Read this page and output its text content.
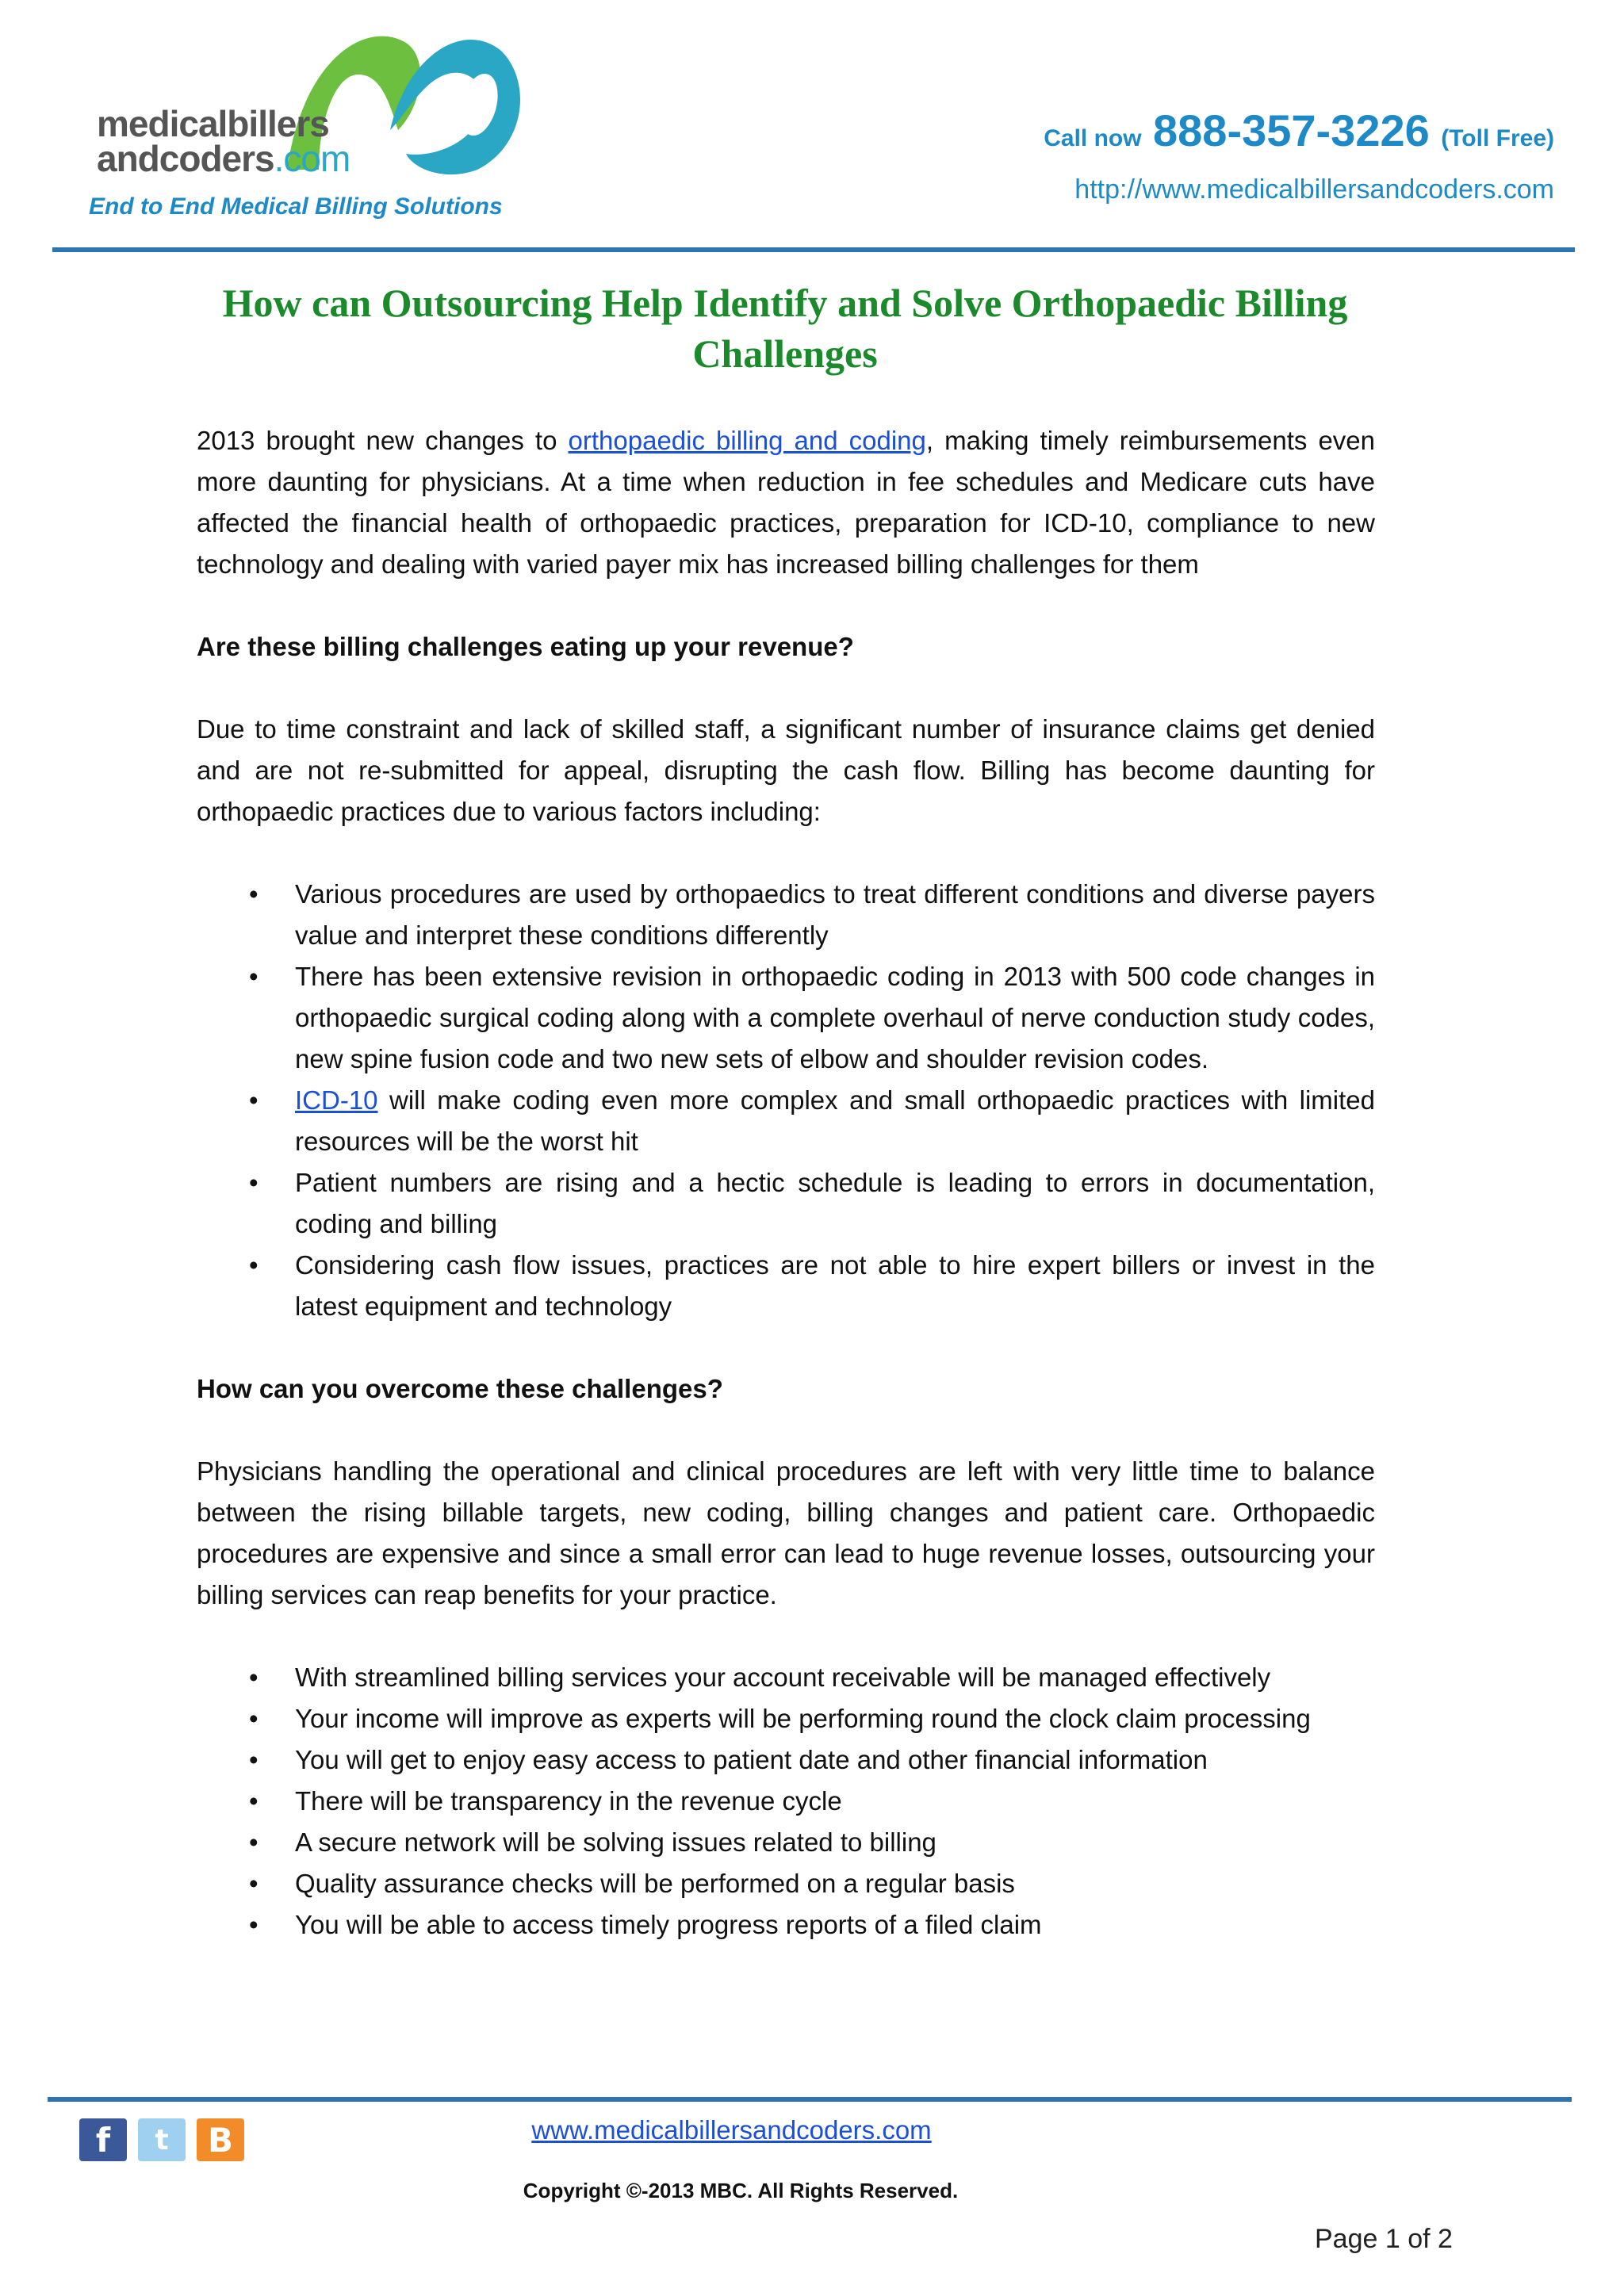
medicalbillers
andcoders.com
End to End Medical Billing Solutions
Call now 888-357-3226 (Toll Free)
http://www.medicalbillersandcoders.com
How can Outsourcing Help Identify and Solve Orthopaedic Billing Challenges

2013 brought new changes to orthopaedic billing and coding, making timely reimbursements even more daunting for physicians. At a time when reduction in fee schedules and Medicare cuts have affected the financial health of orthopaedic practices, preparation for ICD-10, compliance to new technology and dealing with varied payer mix has increased billing challenges for them

Are these billing challenges eating up your revenue?

Due to time constraint and lack of skilled staff, a significant number of insurance claims get denied and are not re-submitted for appeal, disrupting the cash flow. Billing has become daunting for orthopaedic practices due to various factors including:

• Various procedures are used by orthopaedics to treat different conditions and diverse payers value and interpret these conditions differently
• There has been extensive revision in orthopaedic coding in 2013 with 500 code changes in orthopaedic surgical coding along with a complete overhaul of nerve conduction study codes, new spine fusion code and two new sets of elbow and shoulder revision codes.
• ICD-10 will make coding even more complex and small orthopaedic practices with limited resources will be the worst hit
• Patient numbers are rising and a hectic schedule is leading to errors in documentation, coding and billing
• Considering cash flow issues, practices are not able to hire expert billers or invest in the latest equipment and technology
How can you overcome these challenges?

Physicians handling the operational and clinical procedures are left with very little time to balance between the rising billable targets, new coding, billing changes and patient care. Orthopaedic procedures are expensive and since a small error can lead to huge revenue losses, outsourcing your billing services can reap benefits for your practice.

• With streamlined billing services your account receivable will be managed effectively
• Your income will improve as experts will be performing round the clock claim processing
• You will get to enjoy easy access to patient date and other financial information
• There will be transparency in the revenue cycle
• A secure network will be solving issues related to billing
• Quality assurance checks will be performed on a regular basis
• You will be able to access timely progress reports of a filed claim
f	t	B	www.medicalbillersandcoders.com
Copyright ©-2013 MBC. All Rights Reserved.
Page 1 of 2
